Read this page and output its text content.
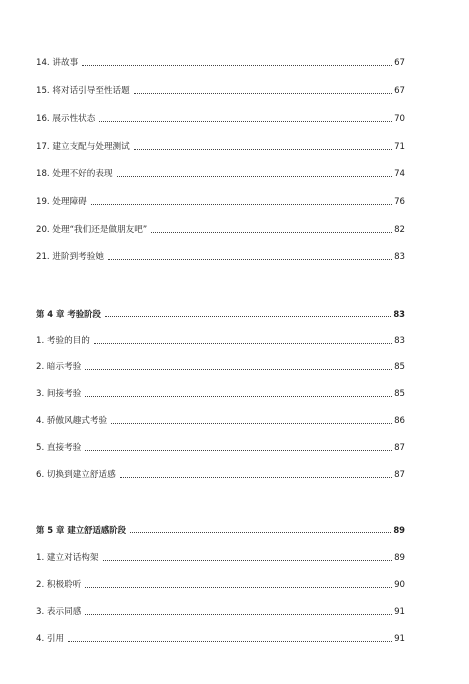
14. 讲故事	67
15. 将对话引导至性话题	67
16. 展示性状态	70
17. 建立支配与处理测试	71
18. 处理不好的表现	74
19. 处理障碍	76
20. 处理“我们还是做朋友吧”	82
21. 进阶到考验她	83
第 4 章 考验阶段	83
1. 考验的目的	83
2. 暗示考验	85
3. 间接考验	85
4. 骄傲风趣式考验	86
5. 直接考验	87
6. 切换到建立舒适感	87
第 5 章 建立舒适感阶段	89
1. 建立对话构架	89
2. 积极聆听	90
3. 表示同感	91
4. 引用	91
